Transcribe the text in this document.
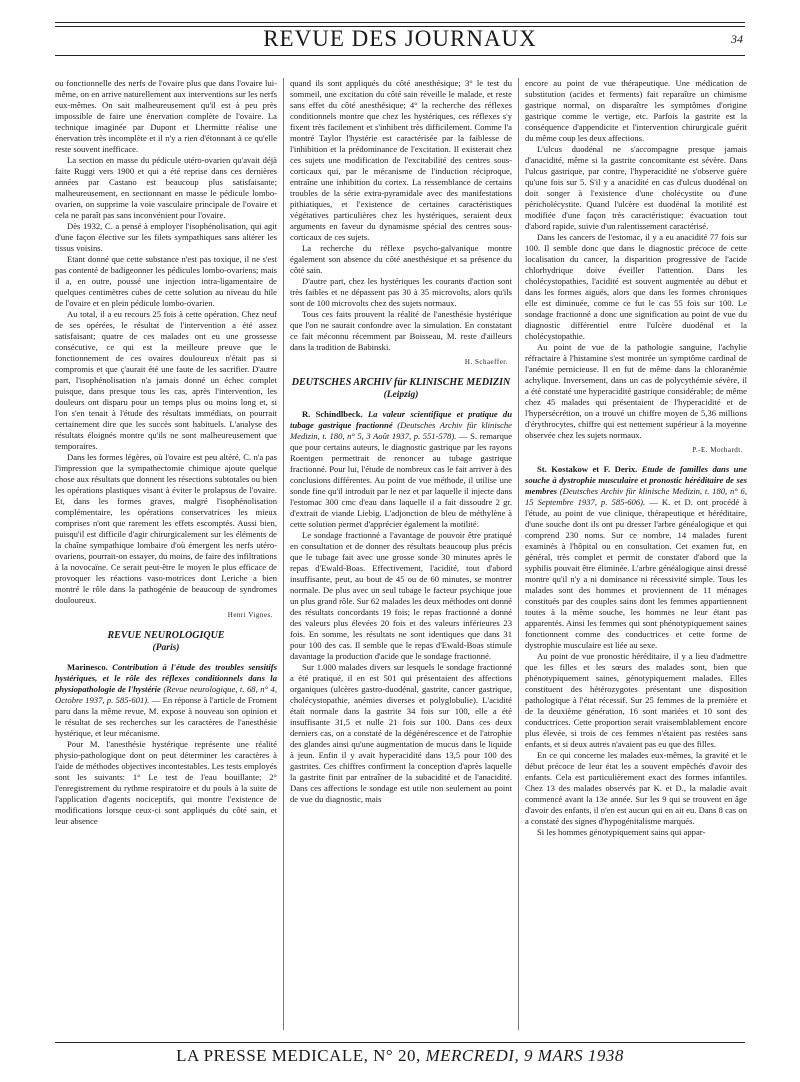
REVUE DES JOURNAUX	34

ou fonctionnelle des nerfs de l'ovaire plus que dans l'ovaire lui-même, on en arrive naturellement aux interventions sur les nerfs eux-mêmes. On sait malheureusement qu'il est à peu près impossible de faire une énervation complète de l'ovaire. La technique imaginée par Dupont et Lhermitte réalise une énervation très incomplète et il n'y a rien d'étonnant à ce qu'elle reste souvent inefficace.

La section en masse du pédicule utéro-ovarien qu'avait déjà faite Ruggi vers 1900 et qui a été reprise dans ces dernières années par Castano est beaucoup plus satisfaisante; malheureusement, en sectionnant en masse le pédicule lombo-ovarien, on supprime la voie vasculaire principale de l'ovaire et cela ne paraît pas sans inconvénient pour l'ovaire.

Dès 1932, C. a pensé à employer l'isophénolisation, qui agit d'une façon élective sur les filets sympathiques sans altérer les tissus voisins.

Etant donné que cette substance n'est pas toxique, il ne s'est pas contenté de badigeonner les pédicules lombo-ovariens; mais il a, en outre, poussé une injection intra-ligamentaire de quelques centimètres cubes de cette solution au niveau du hile de l'ovaire et en plein pédicule lombo-ovarien.

Au total, il a eu recours 25 fois à cette opération. Chez neuf de ses opérées, le résultat de l'intervention a été assez satisfaisant; quatre de ces malades ont eu une grossesse consécutive, ce qui est la meilleure preuve que le fonctionnement de ces ovaires douloureux n'était pas si compromis et que ç'aurait été une faute de les sacrifier. D'autre part, l'isophénolisation n'a jamais donné un échec complet puisque, dans presque tous les cas, après l'intervention, les douleurs ont disparu pour un temps plus ou moins long et, si l'on s'en tenait à l'étude des résultats immédiats, on pourrait certainement dire que les succès sont habituels. L'analyse des résultats éloignés montre qu'ils ne sont malheureusement que temporaires.

Dans les formes légères, où l'ovaire est peu altéré, C. n'a pas l'impression que la sympathectomie chimique ajoute quelque chose aux résultats que donnent les résections subtotales ou bien les opérations plastiques visant à éviter le prolapsus de l'ovaire. Et, dans les formes graves, malgré l'isophénolisation complémentaire, les opérations conservatrices les mieux comprises n'ont que rarement les effets escomptés. Aussi bien, puisqu'il est difficile d'agir chirurgicalement sur les éléments de la chaîne sympathique lombaire d'où émergent les nerfs utéro-ovariens, pourrait-on essayer, du moins, de faire des infiltrations à la novocaïne. Ce serait peut-être le moyen le plus efficace de provoquer les réactions vaso-motrices dont Leriche a bien montré le rôle dans la pathogénie de beaucoup de syndromes douloureux.

Henri Vignes.

REVUE NEUROLOGIQUE
(Paris)

Marinesco. Contribution à l'étude des troubles sensitifs hystériques, et le rôle des réflexes conditionnels dans la physiopathologie de l'hystérie (Revue neurologique, t. 68, n° 4, Octobre 1937, p. 585-601). — En réponse à l'article de Froment paru dans la même revue, M. expose à nouveau son opinion et le résultat de ses recherches sur les caractères de l'anesthésie hystérique, et leur mécanisme.

Pour M. l'anesthésie hystérique représente une réalité physio-pathologique dont on peut déterminer les caractères à l'aide de méthodes objectives incontestables. Les tests employés sont les suivants: 1° Le test de l'eau bouillante; 2° l'enregistrement du rythme respiratoire et du pouls à la suite de l'application d'agents nociceptifs, qui montre l'existence de modifications lorsque ceux-ci sont appliqués du côté sain, et leur absence

quand ils sont appliqués du côté anesthésique; 3° le test du sommeil, une excitation du côté sain réveille le malade, et reste sans effet du côté anesthésique; 4° la recherche des réflexes conditionnels montre que chez les hystériques, ces réflexes s'y fixent très facilement et s'inhibent très difficilement. Comme l'a montré Taylor l'hystérie est caractérisée par la faiblesse de l'inhibition et la prédominance de l'excitation. Il existerait chez ces sujets une modification de l'excitabilité des centres sous-corticaux qui, par le mécanisme de l'induction réciproque, entraîne une inhibition du cortex. La ressemblance de certains troubles de la série extra-pyramidale avec des manifestations pithiatiques, et l'existence de certaines caractéristiques végétatives particulières chez les hystériques, seraient deux arguments en faveur du dynamisme spécial des centres sous-corticaux de ces sujets.

La recherche du réflexe psycho-galvanique montre également son absence du côté anesthésique et sa présence du côté sain.

D'autre part, chez les hystériques les courants d'action sont très faibles et ne dépassent pas 30 à 35 microvolts, alors qu'ils sont de 100 microvolts chez des sujets normaux.

Tous ces faits prouvent la réalité de l'anesthésie hystérique que l'on ne saurait confondre avec la simulation. En constatant ce fait méconnu récemment par Boisseau, M. reste d'ailleurs dans la tradition de Babinski.

H. Schaeffer.

DEUTSCHES ARCHIV für KLINISCHE MEDIZIN
(Leipzig)

R. Schindlbeck. La valeur scientifique et pratique du tubage gastrique fractionné (Deutsches Archiv für klinische Medizin, t. 180, n° 5, 3 Août 1937, p. 551-578). — S. remarque que pour certains auteurs, le diagnostic gastrique par les rayons Roentgen permettrait de renoncer au tubage gastrique fractionné. Pour lui, l'étude de nombreux cas le fait arriver à des conclusions différentes. Au point de vue méthode, il utilise une sonde fine qu'il introduit par le nez et par laquelle il injecte dans l'estomac 300 cmc d'eau dans laquelle il a fait dissoudre 2 gr. d'extrait de viande Liebig. L'adjonction de bleu de méthylène à cette solution permet d'apprécier également la motilité.

Le sondage fractionné a l'avantage de pouvoir être pratiqué en consultation et de donner des résultats beaucoup plus précis que le tubage fait avec une grosse sonde 30 minutes après le repas d'Ewald-Boas. Effectivement, l'acidité, tout d'abord insuffisante, peut, au bout de 45 ou de 60 minutes, se montrer normale. De plus avec un seul tubage le facteur psychique joue un plus grand rôle. Sur 62 malades les deux méthodes ont donné des résultats concordants 19 fois; le repas fractionné a donné des valeurs plus élevées 20 fois et des valeurs inférieures 23 fois. En somme, les résultats ne sont identiques que dans 31 pour 100 des cas. Il semble que le repas d'Ewald-Boas stimule davantage la production d'acide que le sondage fractionné.

Sur 1.000 malades divers sur lesquels le sondage fractionné a été pratiqué, il en est 501 qui présentaient des affections organiques (ulcères gastro-duodénal, gastrite, cancer gastrique, cholécystopathie, anémies diverses et polyglobulie). L'acidité était normale dans la gastrite 34 fois sur 100, elle a été insuffisante 31,5 et nulle 21 fois sur 100. Dans ces deux derniers cas, on a constaté de la dégénérescence et de l'atrophie des glandes ainsi qu'une augmentation de mucus dans le liquide à jeun. Enfin il y avait hyperacidité dans 13,5 pour 100 des gastrites. Ces chiffres confirment la conception d'après laquelle la gastrite finit par entraîner de la subacidité et de l'anacidité. Dans ces affections le sondage est utile non seulement au point de vue du diagnostic, mais

encore au point de vue thérapeutique. Une médication de substitution (acides et ferments) fait reparaître un chimisme gastrique normal, on disparaître les symptômes d'origine gastrique comme le vertige, etc. Parfois la gastrite est la conséquence d'appendicite et l'intervention chirurgicale guérit du même coup les deux affections.

L'ulcus duodénal ne s'accompagne presque jamais d'anacidité, même si la gastrite concomitante est sévère. Dans l'ulcus gastrique, par contre, l'hyperacidité ne s'observe guère qu'une fois sur 5. S'il y a anacidité en cas d'ulcus duodénal on doit songer à l'existence d'une cholécystite ou d'une péricholécystite. Quand l'ulcère est duodénal la motilité est modifiée d'une façon très caractéristique: évacuation tout d'abord rapide, suivie d'un ralentissement caractérisé.

Dans les cancers de l'estomac, il y a eu anacidité 77 fois sur 100. Il semble donc que dans le diagnostic précoce de cette localisation du cancer, la disparition progressive de l'acide chlorhydrique doive éveiller l'attention. Dans les cholécystopathies, l'acidité est souvent augmentée au début et dans les formes aiguës, alors que dans les formes chroniques elle est diminuée, comme ce fut le cas 55 fois sur 100. Le sondage fractionné a donc une signification au point de vue du diagnostic différentiel entre l'ulcère duodénal et la cholécystopathie.

Au point de vue de la pathologie sanguine, l'achylie réfractaire à l'histamine s'est montrée un symptôme cardinal de l'anémie pernicieuse. Il en fut de même dans la chloranémie achylique. Inversement, dans un cas de polycythémie sévère, il a été constaté une hyperacidité gastrique considérable; de même chez 45 malades qui présentaient de l'hyperacidité et de l'hypersécrétion, on a trouvé un chiffre moyen de 5,36 millions d'érythrocytes, chiffre qui est nettement supérieur à la moyenne observée chez les sujets normaux.

P.-E. Morhardt.

St. Kostakow et F. Derix. Etude de familles dans une souche à dystrophie musculaire et pronostic héréditaire de ses membres (Deutsches Archiv für klinische Medizin, t. 180, n° 6, 15 Septembre 1937, p. 585-606). — K. et D. ont procédé à l'étude, au point de vue clinique, thérapeutique et héréditaire, d'une souche dont ils ont pu dresser l'arbre généalogique et qui comprend 230 noms. Sur ce nombre, 14 malades furent examinés à l'hôpital ou en consultation. Cet examen fut, en général, très complet et permit de constater d'abord que la syphilis pouvait être éliminée. L'arbre généalogique ainsi dressé montre qu'il n'y a ni dominance ni récessivité simple. Tous les malades sont des hommes et proviennent de 11 ménages constitués par des couples sains dont les femmes appartiennent toutes à la même souche, les hommes ne leur étant pas apparentés. Ainsi les femmes qui sont phénotypiquement saines fonctionnent comme des conductrices et cette forme de dystrophie musculaire est liée au sexe.

Au point de vue pronostic héréditaire, il y a lieu d'admettre que les filles et les sœurs des malades sont, bien que phénotypiquement saines, génotypiquement malades. Elles constituent des hétérozygotes présentant une disposition pathologique à l'état récessif. Sur 25 femmes de la première et de la deuxième génération, 16 sont mariées et 10 sont des conductrices. Cette proportion serait vraisemblablement encore plus élevée, si trois de ces femmes n'étaient pas restées sans enfants, et si deux autres n'avaient pas eu que des filles.

En ce qui concerne les malades eux-mêmes, la gravité et le début précoce de leur état les a souvent empêchés d'avoir des enfants. Cela est particulièrement exact des formes infantiles. Chez 13 des malades observés par K. et D., la maladie avait commencé avant la 13e année. Sur les 9 qui se trouvent en âge d'avoir des enfants, il n'en est aucun qui en ait eu. Dans 8 cas on a constaté des signes d'hypogénitalisme marqués.

Si les hommes génotypiquement sains qui appar-

LA PRESSE MEDICALE, N° 20, MERCREDI, 9 MARS 1938
